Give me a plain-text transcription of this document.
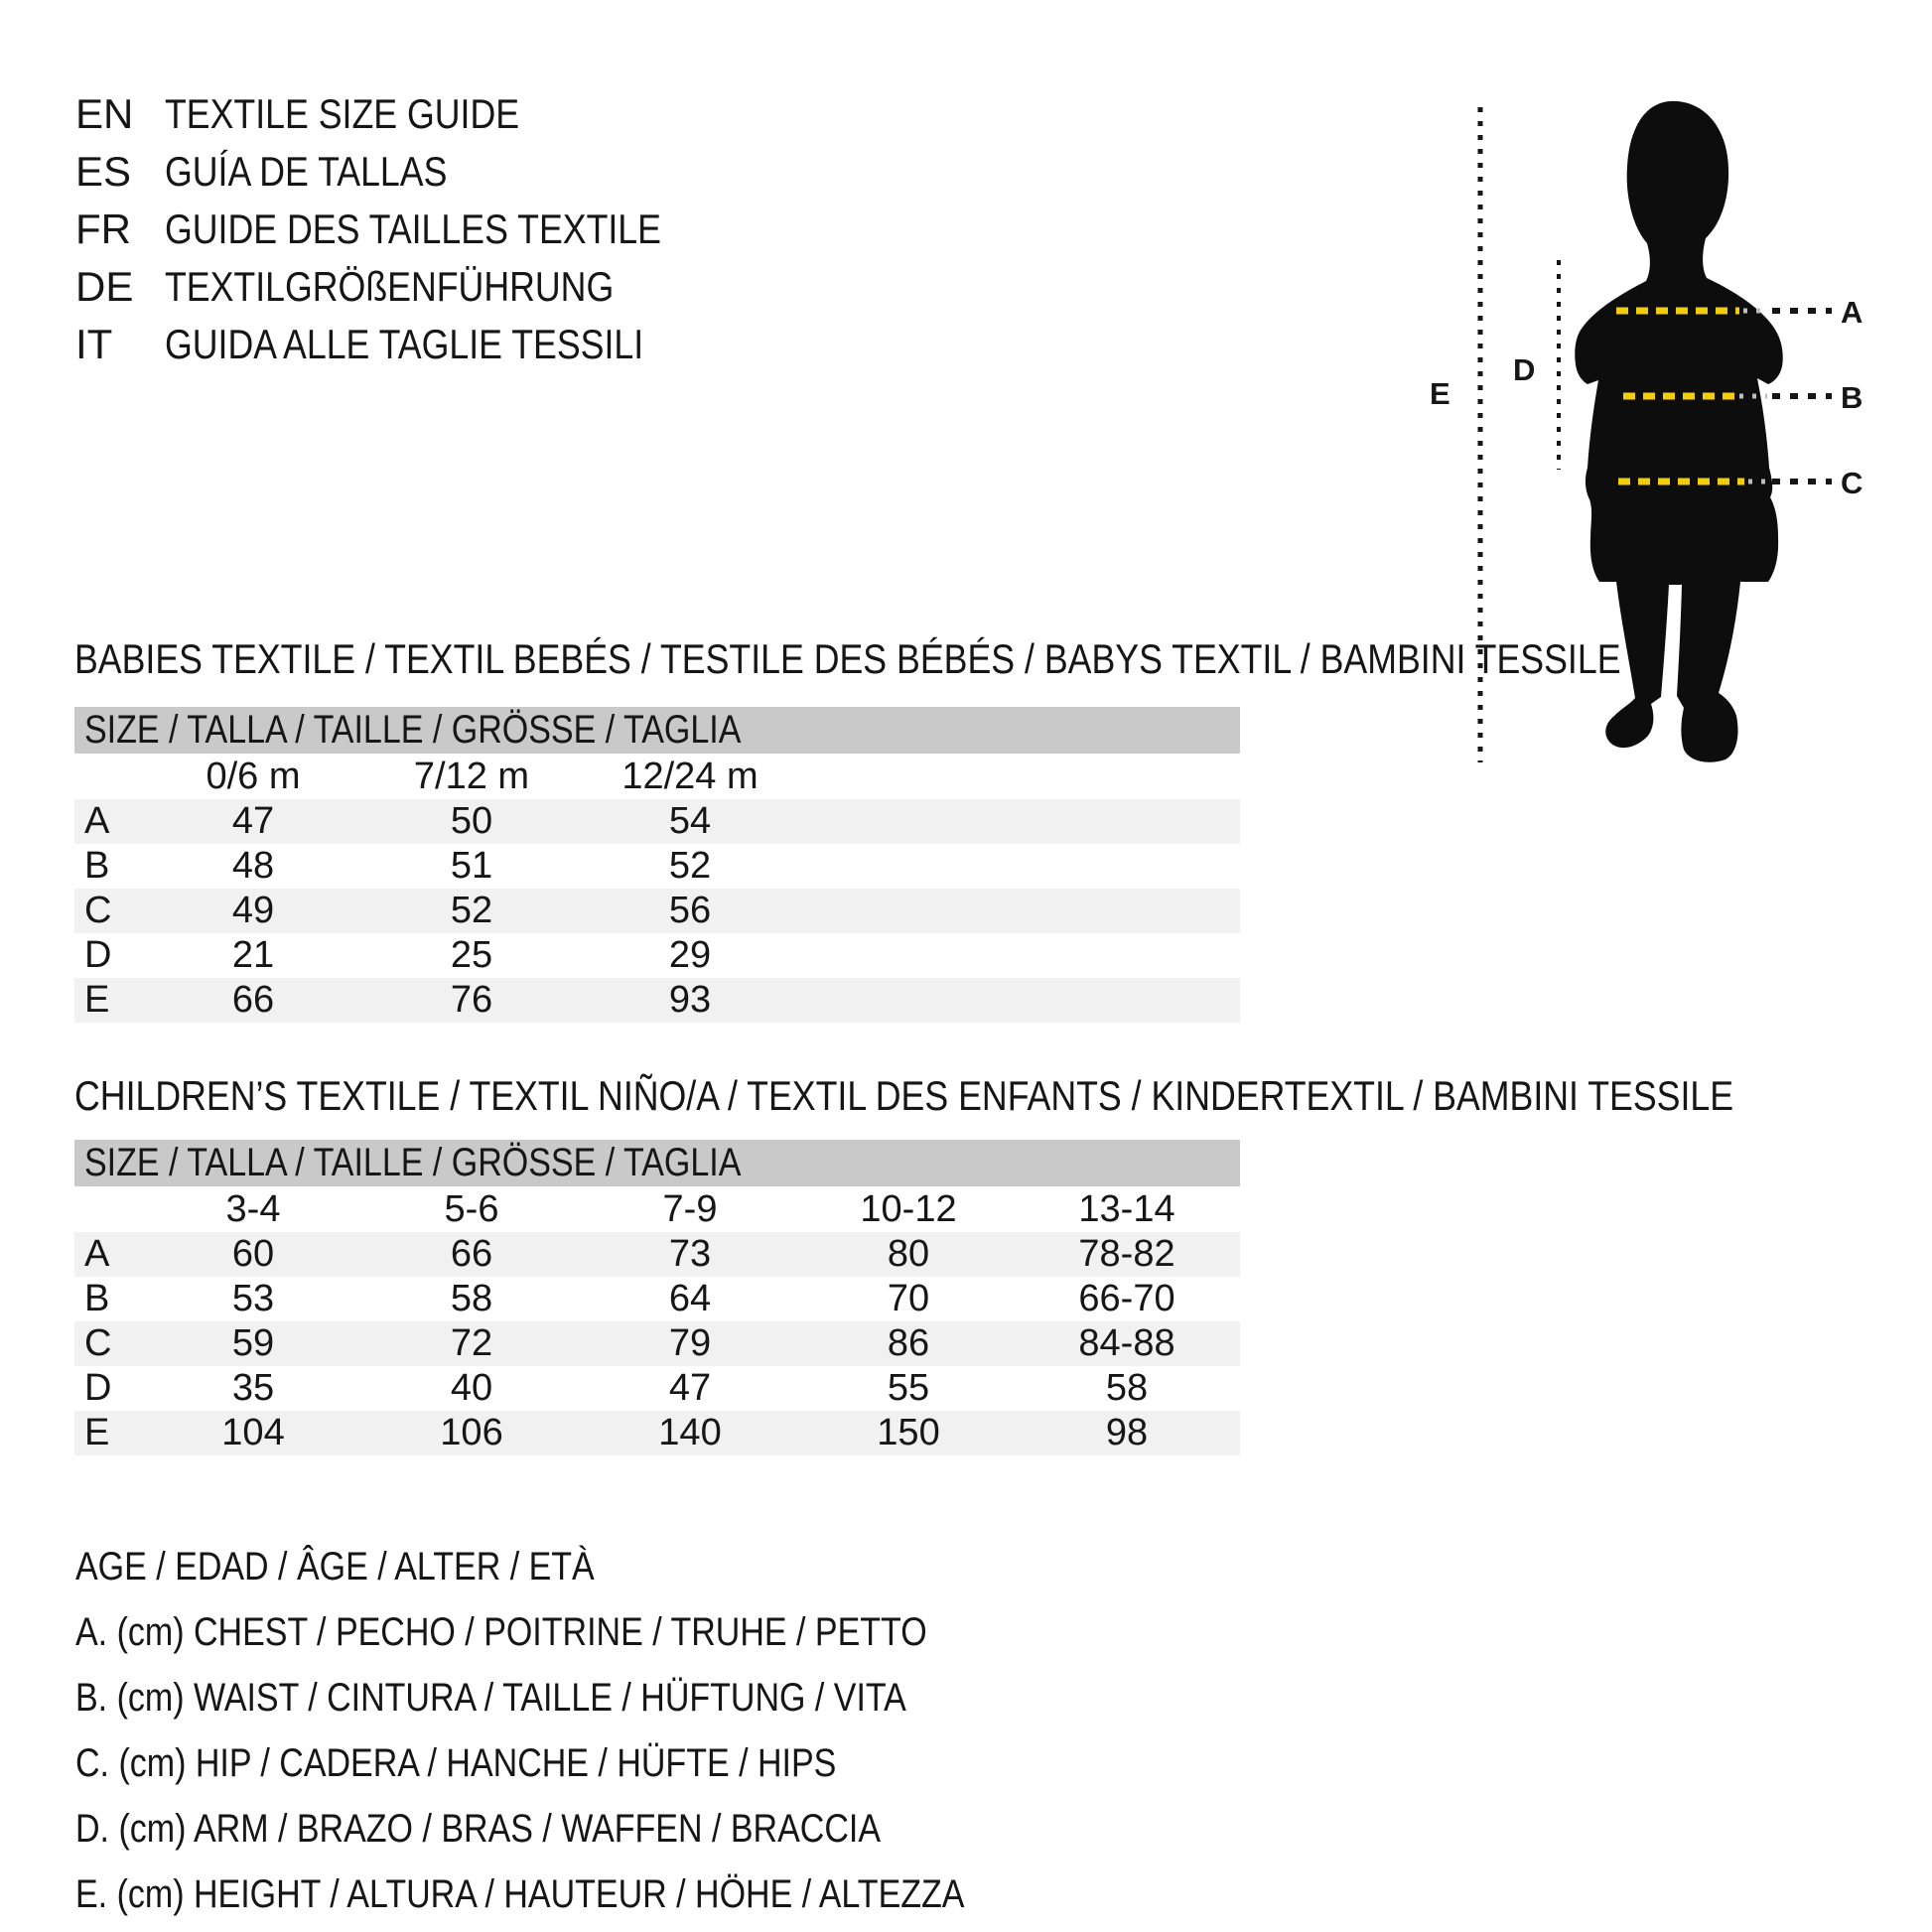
EN TEXTILE SIZE GUIDE
ES GUÍA DE TALLAS
FR GUIDE DES TAILLES TEXTILE
DE TEXTILGRÖßENFÜHRUNG
IT	GUIDA ALLE TAGLIE TESSILI
E
D
A
B
C
BABIES TEXTILE / TEXTIL BEBÉS / TESTILE DES BÉBÉS / BABYS TEXTIL / BAMBINI TESSILE
SIZE / TALLA / TAILLE / GRÖSSE / TAGLIA
0/6 m	7/12 m	12/24 m
A	47	50	54
B	48	51	52
C	49	52	56
D	21	25	29
E	66	76	93
CHILDREN’S TEXTILE / TEXTIL NIÑO/A / TEXTIL DES ENFANTS / KINDERTEXTIL / BAMBINI TESSILE
SIZE / TALLA / TAILLE / GRÖSSE / TAGLIA
3-4	5-6	7-9	10-12	13-14
A	60	66	73	80	78-82
B	53	58	64	70	66-70
C	59	72	79	86	84-88
D	35	40	47	55	58
E	104	106	140	150	98

AGE / EDAD / ÂGE / ALTER / ETÀ

A. (cm) CHEST / PECHO / POITRINE / TRUHE / PETTO

B. (cm) WAIST / CINTURA / TAILLE / HÜFTUNG / VITA

C. (cm) HIP / CADERA / HANCHE / HÜFTE / HIPS

D. (cm) ARM / BRAZO / BRAS / WAFFEN / BRACCIA

E. (cm) HEIGHT / ALTURA / HAUTEUR / HÖHE / ALTEZZA
